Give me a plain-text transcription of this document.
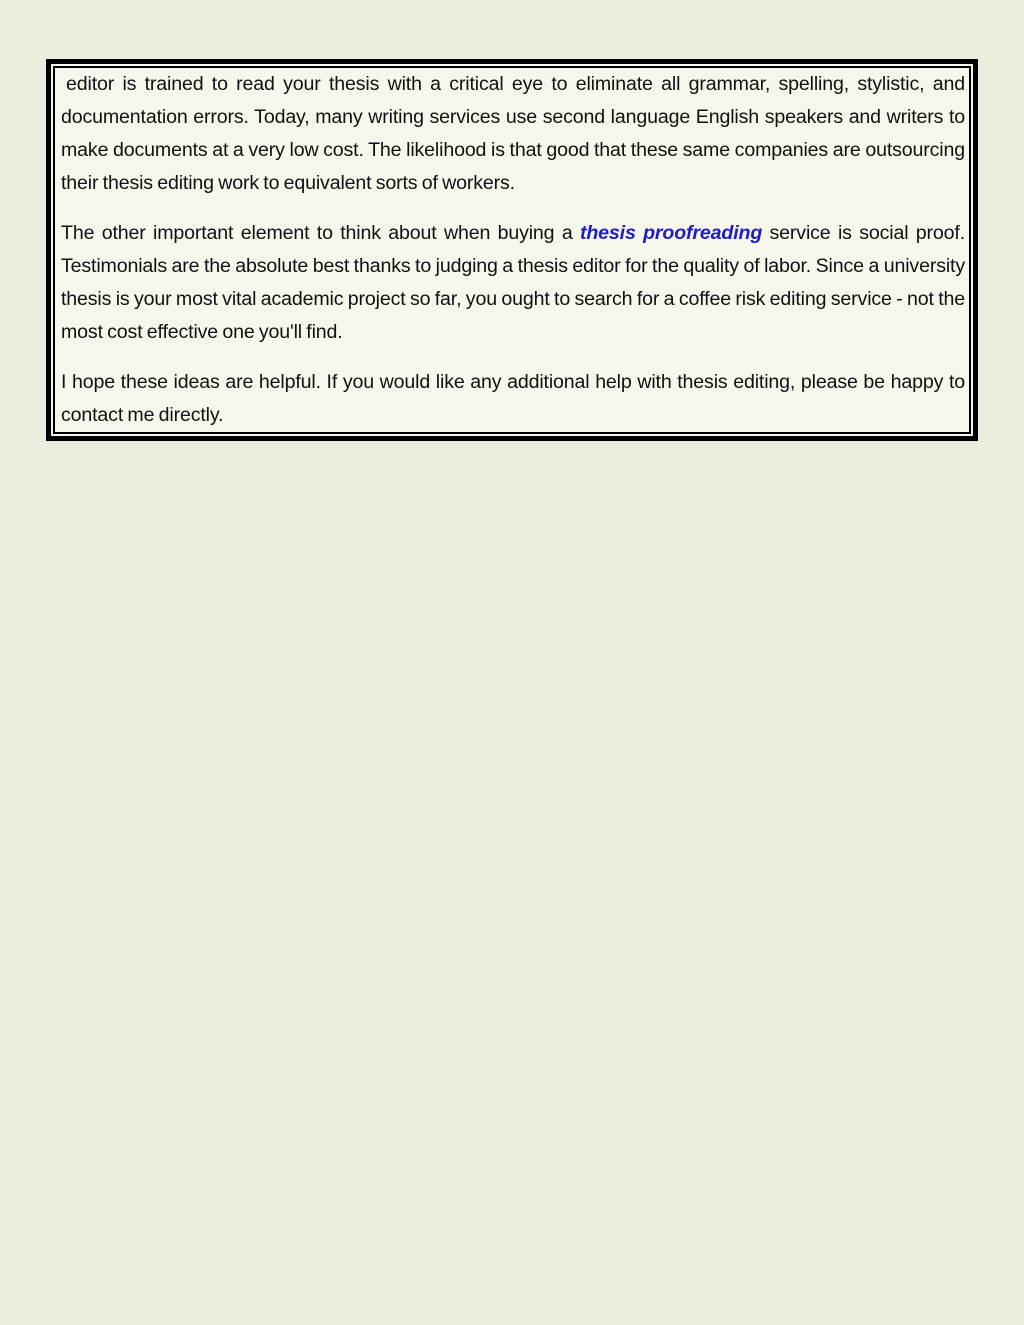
editor is trained to read your thesis with a critical eye to eliminate all grammar, spelling, stylistic, and documentation errors. Today, many writing services use second language English speakers and writers to make documents at a very low cost. The likelihood is that good that these same companies are outsourcing their thesis editing work to equivalent sorts of workers.

The other important element to think about when buying a thesis proofreading service is social proof. Testimonials are the absolute best thanks to judging a thesis editor for the quality of labor. Since a university thesis is your most vital academic project so far, you ought to search for a coffee risk editing service - not the most cost effective one you'll find.

I hope these ideas are helpful. If you would like any additional help with thesis editing, please be happy to contact me directly.
